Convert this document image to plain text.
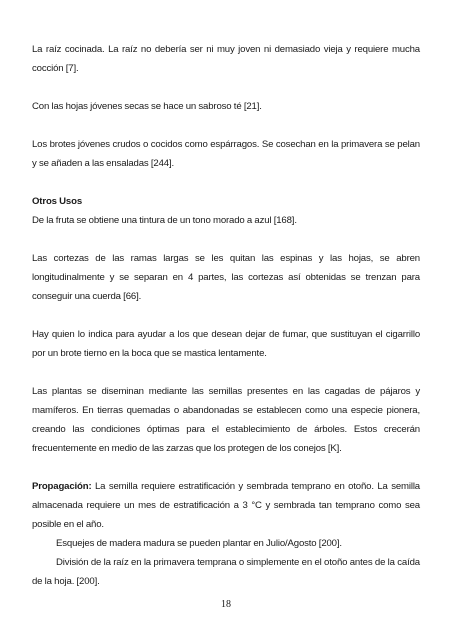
La raíz cocinada. La raíz no debería ser ni muy joven ni demasiado vieja y requiere mucha cocción [7].

Con las hojas jóvenes secas se hace un sabroso té [21].

Los brotes jóvenes crudos o cocidos como espárragos. Se cosechan en la primavera se pelan y se añaden a las ensaladas [244].

Otros Usos

De la fruta se obtiene una tintura de un tono morado a azul [168].

Las cortezas de las ramas largas se les quitan las espinas y las hojas, se abren longitudinalmente y se separan en 4 partes, las cortezas así obtenidas se trenzan para conseguir una cuerda [66].

Hay quien lo indica para ayudar a los que desean dejar de fumar, que sustituyan el cigarrillo por un brote tierno en la boca que se mastica lentamente.

Las plantas se diseminan mediante las semillas presentes en las cagadas de pájaros y mamíferos. En tierras quemadas o abandonadas se establecen como una especie pionera, creando las condiciones óptimas para el establecimiento de árboles. Estos crecerán frecuentemente en medio de las zarzas que los protegen de los conejos [K].

Propagación: La semilla requiere estratificación y sembrada temprano en otoño. La semilla almacenada requiere un mes de estratificación a 3 °C y sembrada tan temprano como sea posible en el año.

Esquejes de madera madura se pueden plantar en Julio/Agosto [200].

División de la raíz en la primavera temprana o simplemente en el otoño antes de la caída de la hoja. [200].

18
